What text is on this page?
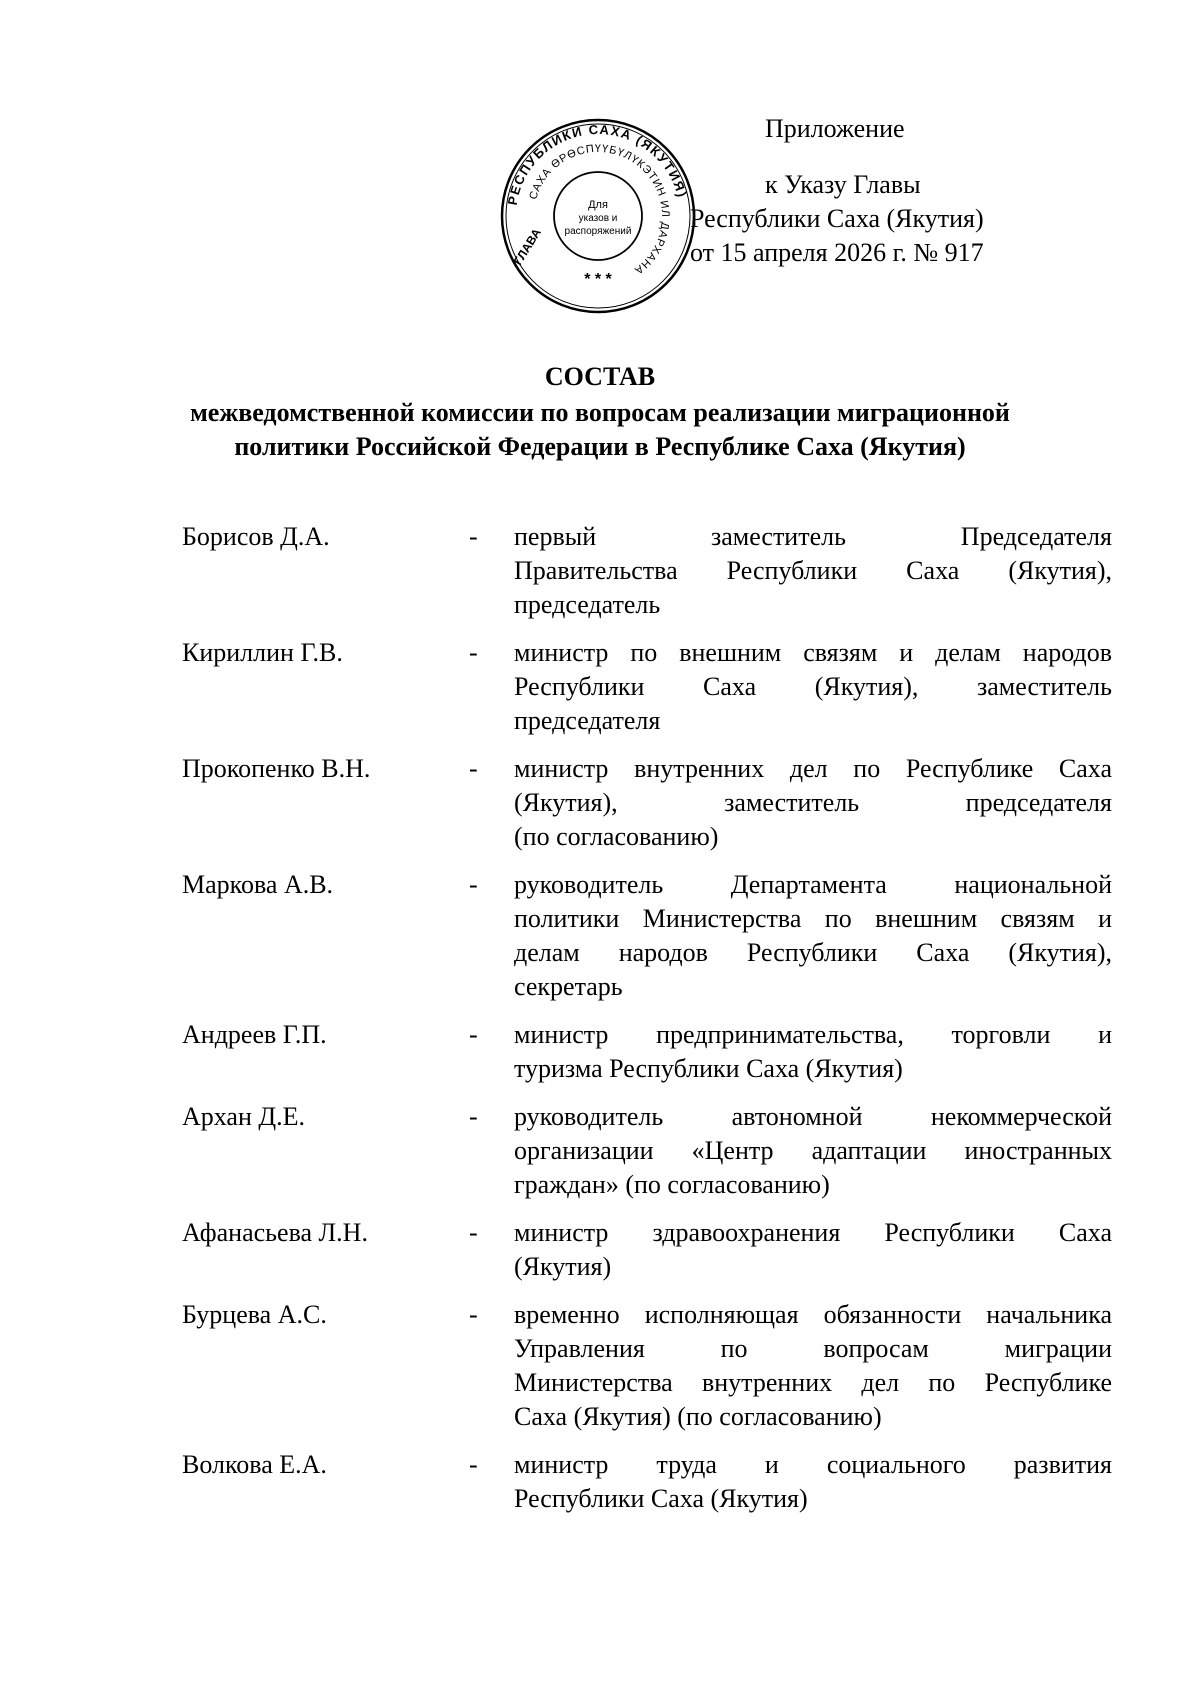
РЕСПУБЛИКИ САХА (ЯКУТИЯ)
САХА ӨРӨСПҮҮБҮЛҮКЭТИН ИЛ ДАРХАНА
Для
указов и
распоряжений
* * *
ГЛАВА
Приложение
к Указу Главы
Республики Саха (Якутия)
от 15 апреля 2026 г. № 917
СОСТАВ
межведомственной комиссии по вопросам реализации миграционной
политики Российской Федерации в Республике Саха (Якутия)
Борисов Д.А.	-	первый заместитель Председателя
Правительства Республики Саха (Якутия),
председатель
Кириллин Г.В.	-	министр по внешним связям и делам народов
Республики Саха (Якутия), заместитель
председателя
Прокопенко В.Н.	-	министр внутренних дел по Республике Саха
(Якутия), заместитель председателя
(по согласованию)
Маркова А.В.	-	руководитель Департамента национальной
политики Министерства по внешним связям и
делам народов Республики Саха (Якутия),
секретарь
Андреев Г.П.	-	министр предпринимательства, торговли и
туризма Республики Саха (Якутия)
Архан Д.Е.	-	руководитель автономной некоммерческой
организации «Центр адаптации иностранных
граждан» (по согласованию)
Афанасьева Л.Н.	-	министр здравоохранения Республики Саха
(Якутия)
Бурцева А.С.	-	временно исполняющая обязанности начальника
Управления по вопросам миграции
Министерства внутренних дел по Республике
Саха (Якутия) (по согласованию)
Волкова Е.А.	-	министр труда и социального развития
Республики Саха (Якутия)
